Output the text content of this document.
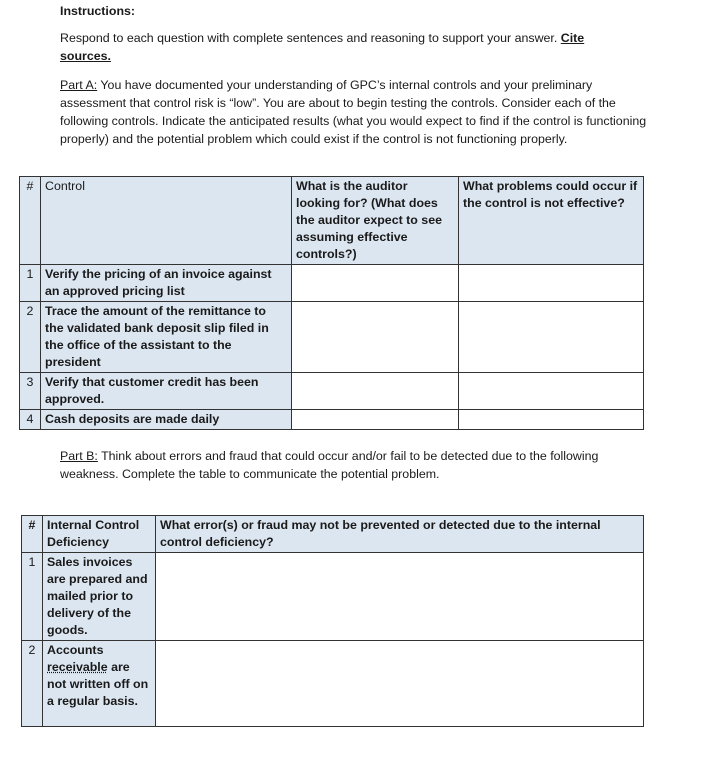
Instructions:
Respond to each question with complete sentences and reasoning to support your answer. Cite sources.
Part A: You have documented your understanding of GPC’s internal controls and your preliminary assessment that control risk is “low”. You are about to begin testing the controls. Consider each of the following controls. Indicate the anticipated results (what you would expect to find if the control is functioning properly) and the potential problem which could exist if the control is not functioning properly.
#	Control	What is the auditor looking for? (What does the auditor expect to see assuming effective controls?)	What problems could occur if the control is not effective?
1	Verify the pricing of an invoice against an approved pricing list		
2	Trace the amount of the remittance to the validated bank deposit slip filed in the office of the assistant to the president		
3	Verify that customer credit has been approved.		
4	Cash deposits are made daily		
Part B: Think about errors and fraud that could occur and/or fail to be detected due to the following weakness. Complete the table to communicate the potential problem.
#	Internal Control Deficiency	What error(s) or fraud may not be prevented or detected due to the internal control deficiency?
1	Sales invoices are prepared and mailed prior to delivery of the goods.	
2	Accounts receivable are not written off on a regular basis.	
